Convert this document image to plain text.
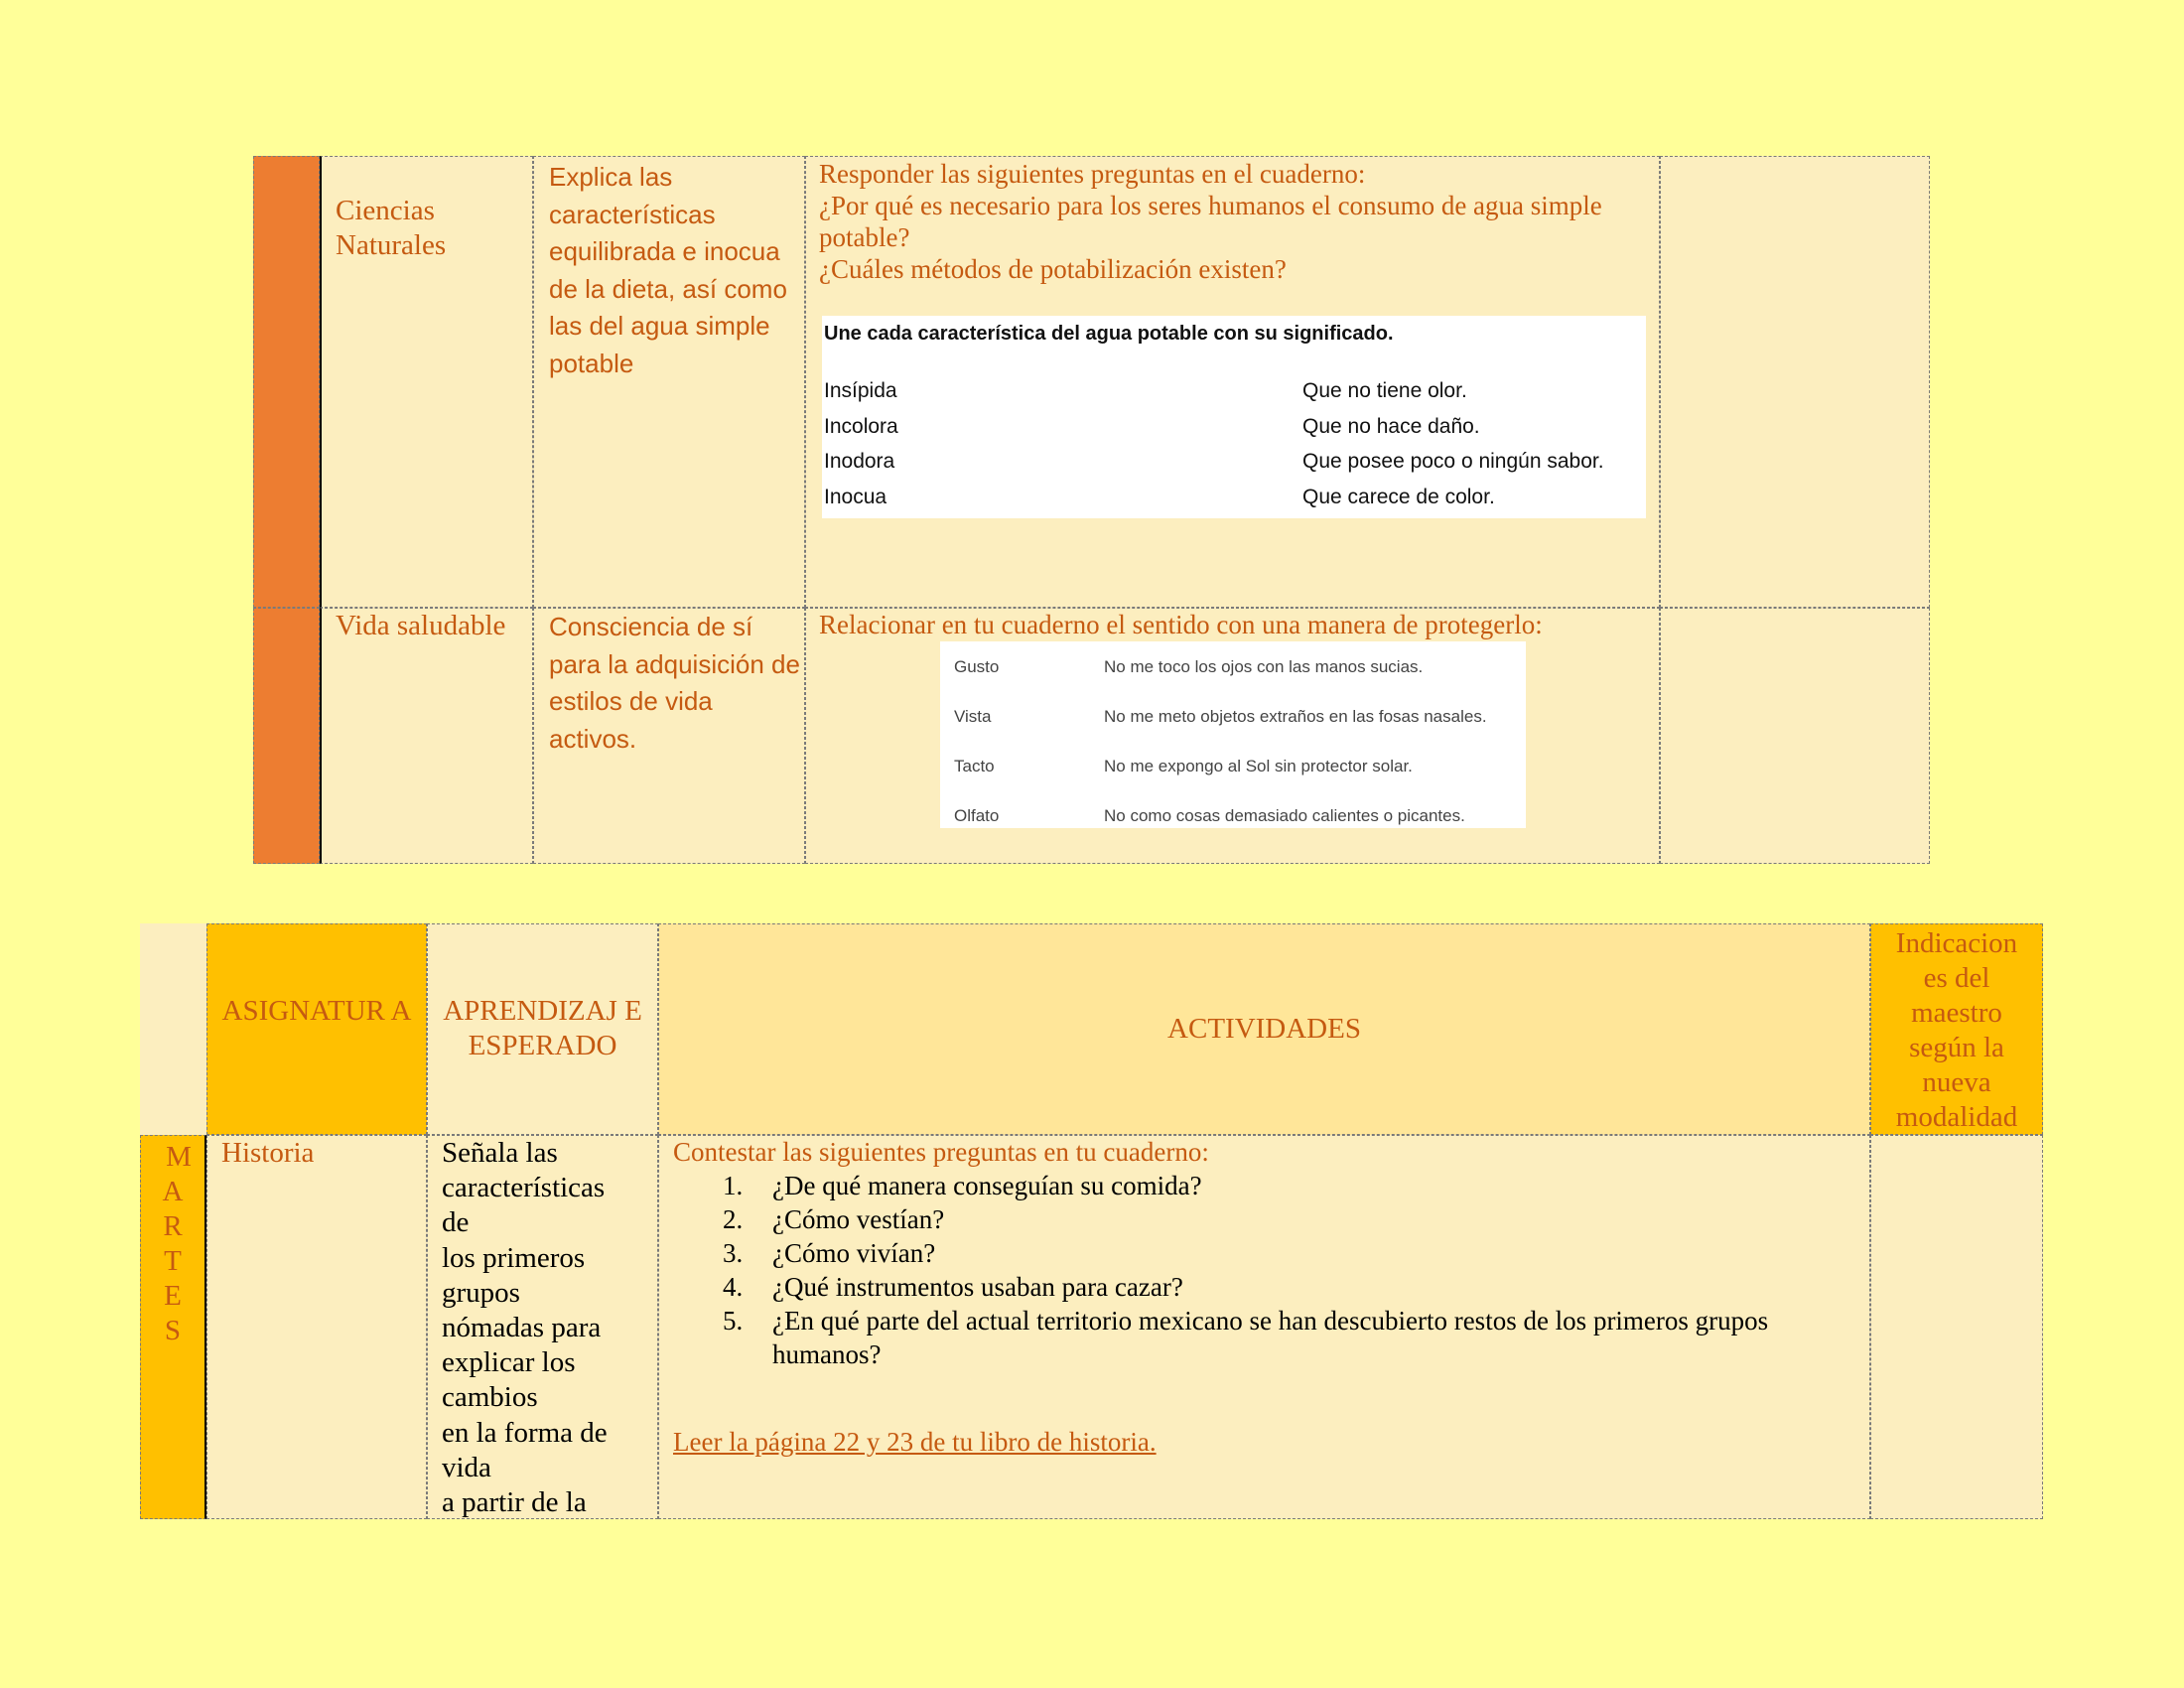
Ciencias Naturales
Explica las características equilibrada e inocua de la dieta, así como las del agua simple potable
Responder las siguientes preguntas en el cuaderno:
¿Por qué es necesario para los seres humanos el consumo de agua simple potable?
¿Cuáles métodos de potabilización existen?
Une cada característica del agua potable con su significado.
Insípida
Incolora
Inodora
Inocua
Que no tiene olor.
Que no hace daño.
Que posee poco o ningún sabor.
Que carece de color.
Vida saludable	Consciencia de sí para la adquisición de estilos de vida activos.
Relacionar en tu cuaderno el sentido con una manera de protegerlo:
Gusto
Vista
Tacto
Olfato
No me toco los ojos con las manos sucias.
No me meto objetos extraños en las fosas nasales.
No me expongo al Sol sin protector solar.
No como cosas demasiado calientes o picantes.
ASIGNATUR A APRENDIZAJ E ESPERADO
ACTIVIDADES
Indicacion es del maestro según la nueva modalidad
M
A
R
T
E
S
Historia	Señala las
características
de
los primeros
grupos
nómadas para
explicar los
cambios
en la forma de
vida
a partir de la
Contestar las siguientes preguntas en tu cuaderno:
1. ¿De qué manera conseguían su comida?
2. ¿Cómo vestían?
3. ¿Cómo vivían?
4. ¿Qué instrumentos usaban para cazar?
5. ¿En qué parte del actual territorio mexicano se han descubierto restos de los primeros grupos humanos?
Leer la página 22 y 23 de tu libro de historia.
